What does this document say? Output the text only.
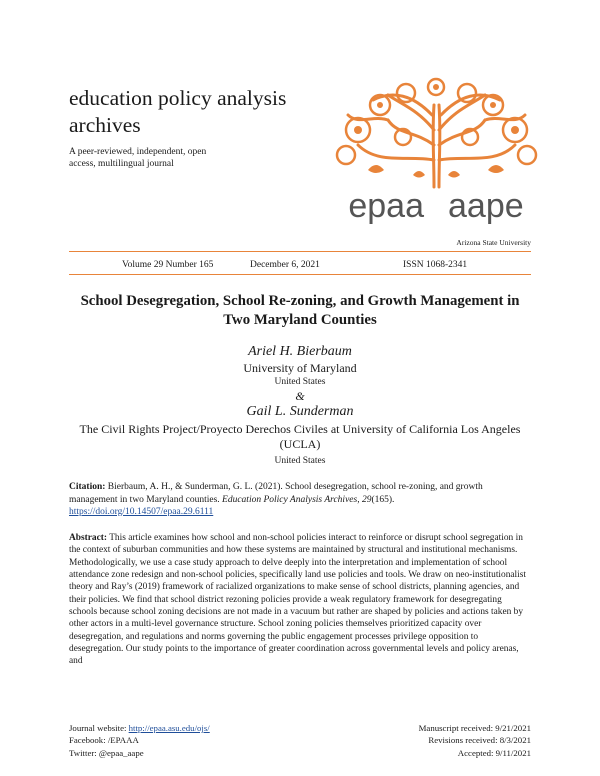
education policy analysis archives
A peer-reviewed, independent, open access, multilingual journal
epaa aape
Arizona State University
Volume 29 Number 165	December 6, 2021	ISSN 1068-2341
School Desegregation, School Re-zoning, and Growth Management in Two Maryland Counties
Ariel H. Bierbaum
University of Maryland
United States
&
Gail L. Sunderman
The Civil Rights Project/Proyecto Derechos Civiles at University of California Los Angeles (UCLA)
United States
Citation: Bierbaum, A. H., & Sunderman, G. L. (2021). School desegregation, school re-zoning, and growth management in two Maryland counties. Education Policy Analysis Archives, 29(165). https://doi.org/10.14507/epaa.29.6111
Abstract: This article examines how school and non-school policies interact to reinforce or disrupt school segregation in the context of suburban communities and how these systems are maintained by structural and institutional mechanisms. Methodologically, we use a case study approach to delve deeply into the interpretation and implementation of school attendance zone redesign and non-school policies, specifically land use policies and tools. We draw on neo-institutionalist theory and Ray’s (2019) framework of racialized organizations to make sense of school districts, planning agencies, and their policies. We find that school district rezoning policies provide a weak regulatory framework for desegregating schools because school zoning decisions are not made in a vacuum but rather are shaped by policies and actions taken by other actors in a multi-level governance structure. School zoning policies themselves prioritized capacity over desegregation, and regulations and norms governing the public engagement processes privilege opposition to desegregation. Our study points to the importance of greater coordination across governmental levels and policy arenas, and
Journal website: http://epaa.asu.edu/ojs/
Facebook: /EPAAA
Twitter: @epaa_aape
Manuscript received: 9/21/2021
Revisions received: 8/3/2021
Accepted: 9/11/2021
